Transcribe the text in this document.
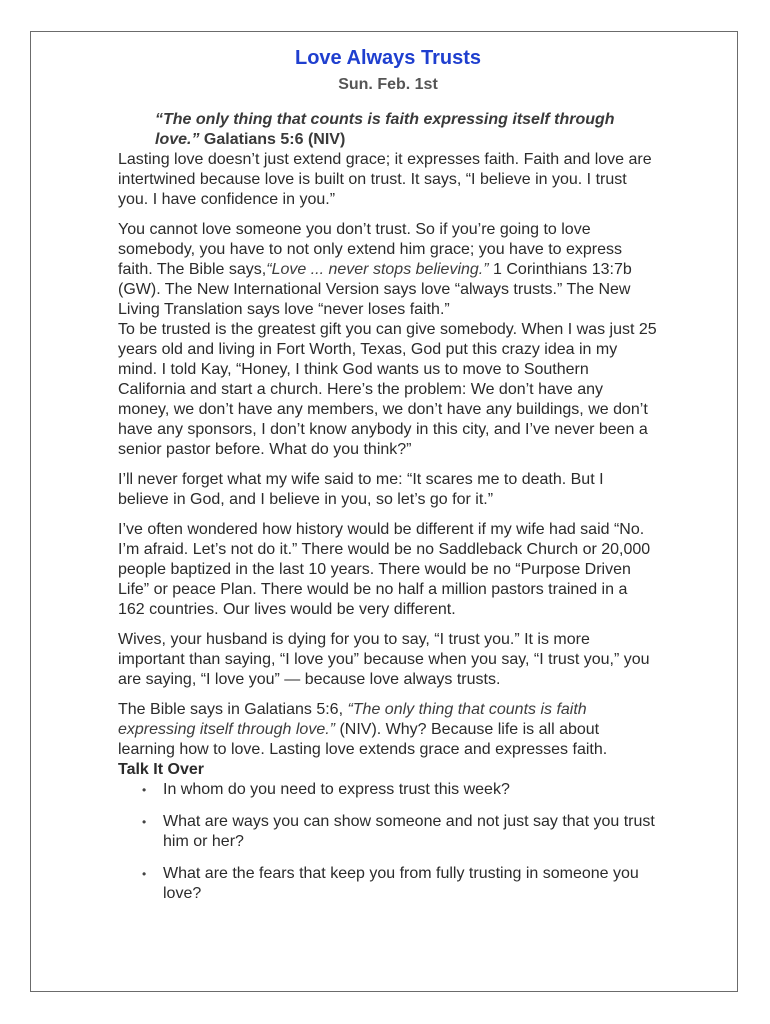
Love Always Trusts
Sun. Feb. 1st
“The only thing that counts is faith expressing itself through love.” Galatians 5:6 (NIV)

Lasting love doesn’t just extend grace; it expresses faith. Faith and love are intertwined because love is built on trust. It says, “I believe in you. I trust you. I have confidence in you.”

You cannot love someone you don’t trust. So if you’re going to love somebody, you have to not only extend him grace; you have to express faith. The Bible says,“Love ... never stops believing.” 1 Corinthians 13:7b (GW). The New International Version says love “always trusts.” The New Living Translation says love “never loses faith.”

To be trusted is the greatest gift you can give somebody. When I was just 25 years old and living in Fort Worth, Texas, God put this crazy idea in my mind. I told Kay, “Honey, I think God wants us to move to Southern California and start a church. Here’s the problem: We don’t have any money, we don’t have any members, we don’t have any buildings, we don’t have any sponsors, I don’t know anybody in this city, and I’ve never been a senior pastor before. What do you think?”

I’ll never forget what my wife said to me: “It scares me to death. But I believe in God, and I believe in you, so let’s go for it.”

I’ve often wondered how history would be different if my wife had said “No. I’m afraid. Let’s not do it.” There would be no Saddleback Church or 20,000 people baptized in the last 10 years. There would be no “Purpose Driven Life” or peace Plan. There would be no half a million pastors trained in a 162 countries. Our lives would be very different.

Wives, your husband is dying for you to say, “I trust you.” It is more important than saying, “I love you” because when you say, “I trust you,” you are saying, “I love you” — because love always trusts.

The Bible says in Galatians 5:6, “The only thing that counts is faith expressing itself through love.” (NIV). Why? Because life is all about learning how to love. Lasting love extends grace and expresses faith.

Talk It Over
• In whom do you need to express trust this week?
• What are ways you can show someone and not just say that you trust him or her?
• What are the fears that keep you from fully trusting in someone you love?
